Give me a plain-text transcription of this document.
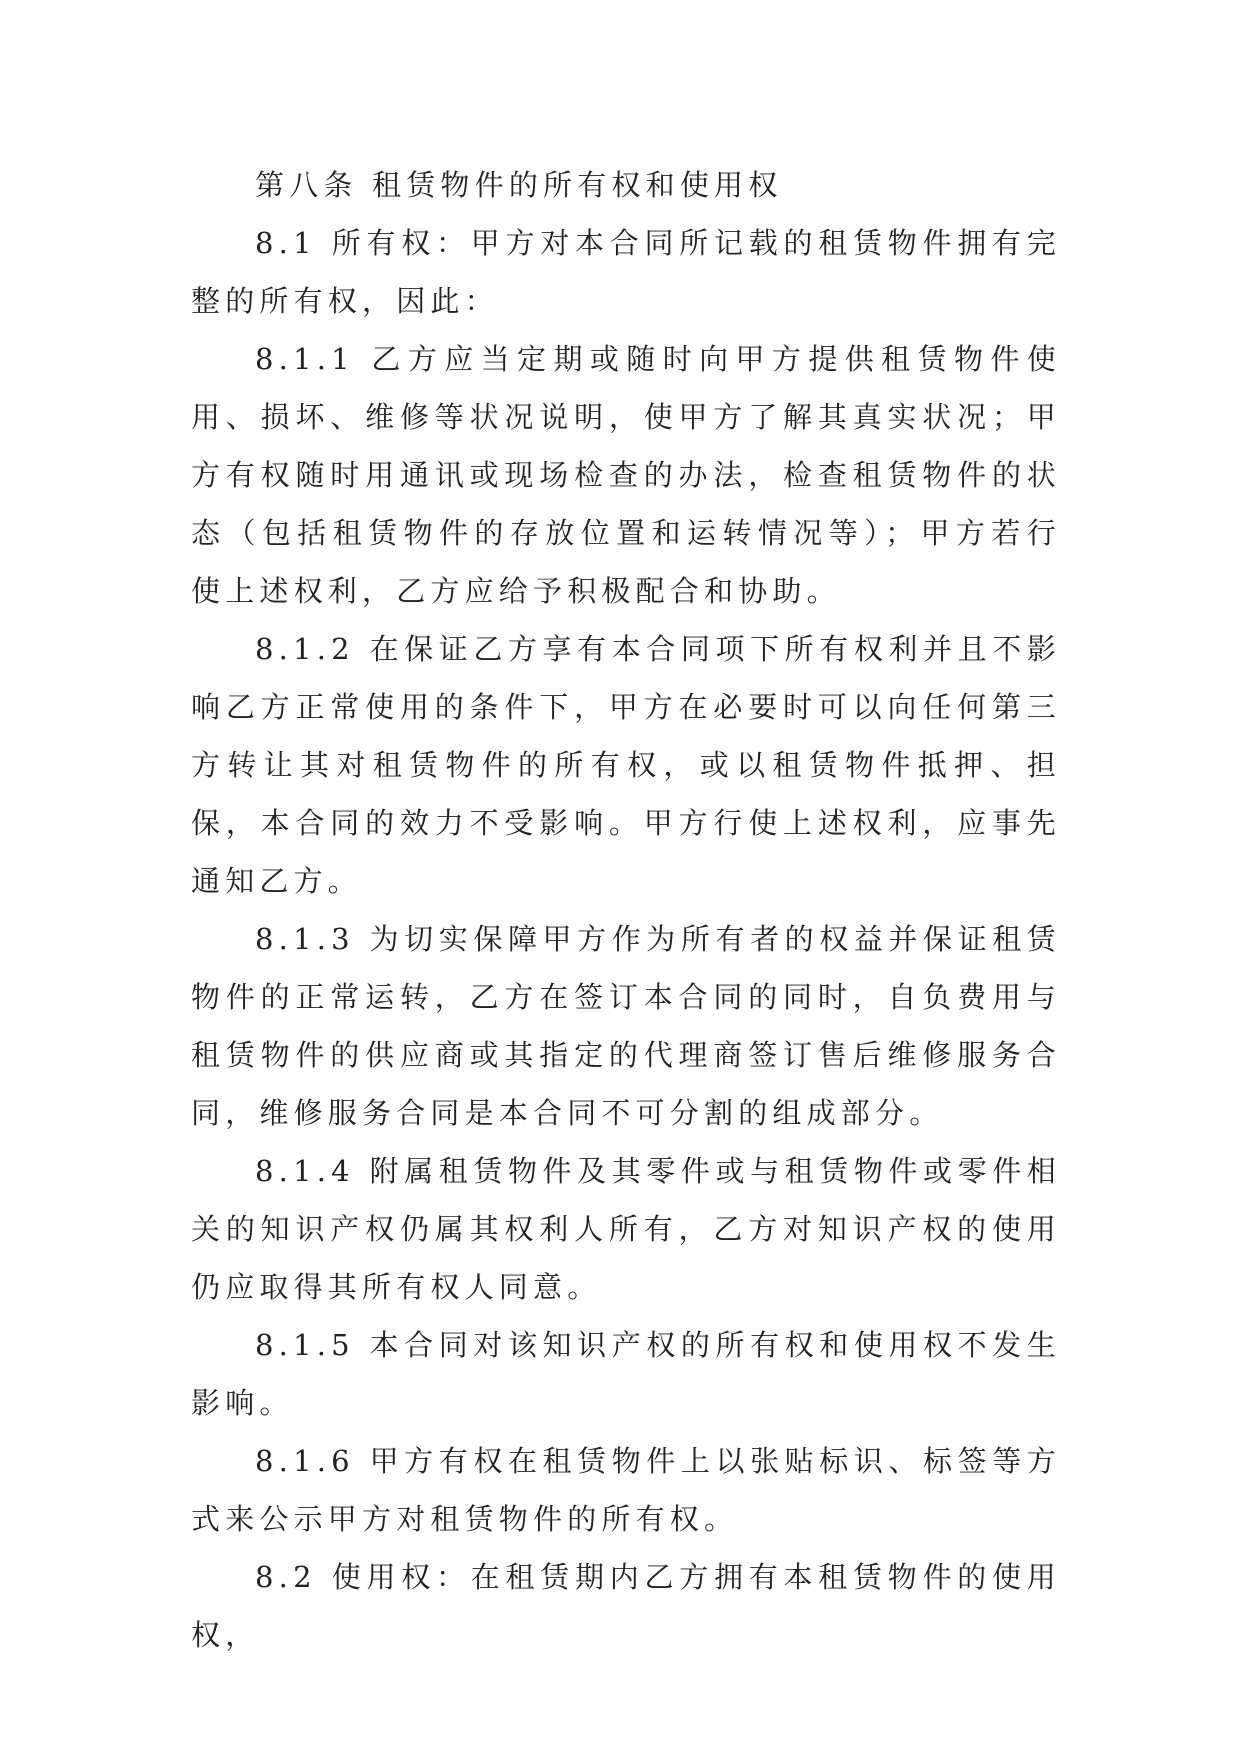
第八条 租赁物件的所有权和使用权

8.1 所有权：甲方对本合同所记载的租赁物件拥有完整的所有权，因此：

8.1.1 乙方应当定期或随时向甲方提供租赁物件使用、损坏、维修等状况说明，使甲方了解其真实状况；甲方有权随时用通讯或现场检查的办法，检查租赁物件的状态（包括租赁物件的存放位置和运转情况等）；甲方若行使上述权利，乙方应给予积极配合和协助。

8.1.2 在保证乙方享有本合同项下所有权利并且不影响乙方正常使用的条件下，甲方在必要时可以向任何第三方转让其对租赁物件的所有权，或以租赁物件抵押、担保，本合同的效力不受影响。甲方行使上述权利，应事先通知乙方。

8.1.3 为切实保障甲方作为所有者的权益并保证租赁物件的正常运转，乙方在签订本合同的同时，自负费用与租赁物件的供应商或其指定的代理商签订售后维修服务合同，维修服务合同是本合同不可分割的组成部分。

8.1.4 附属租赁物件及其零件或与租赁物件或零件相关的知识产权仍属其权利人所有，乙方对知识产权的使用仍应取得其所有权人同意。

8.1.5 本合同对该知识产权的所有权和使用权不发生影响。

8.1.6 甲方有权在租赁物件上以张贴标识、标签等方式来公示甲方对租赁物件的所有权。

8.2 使用权：在租赁期内乙方拥有本租赁物件的使用权，
